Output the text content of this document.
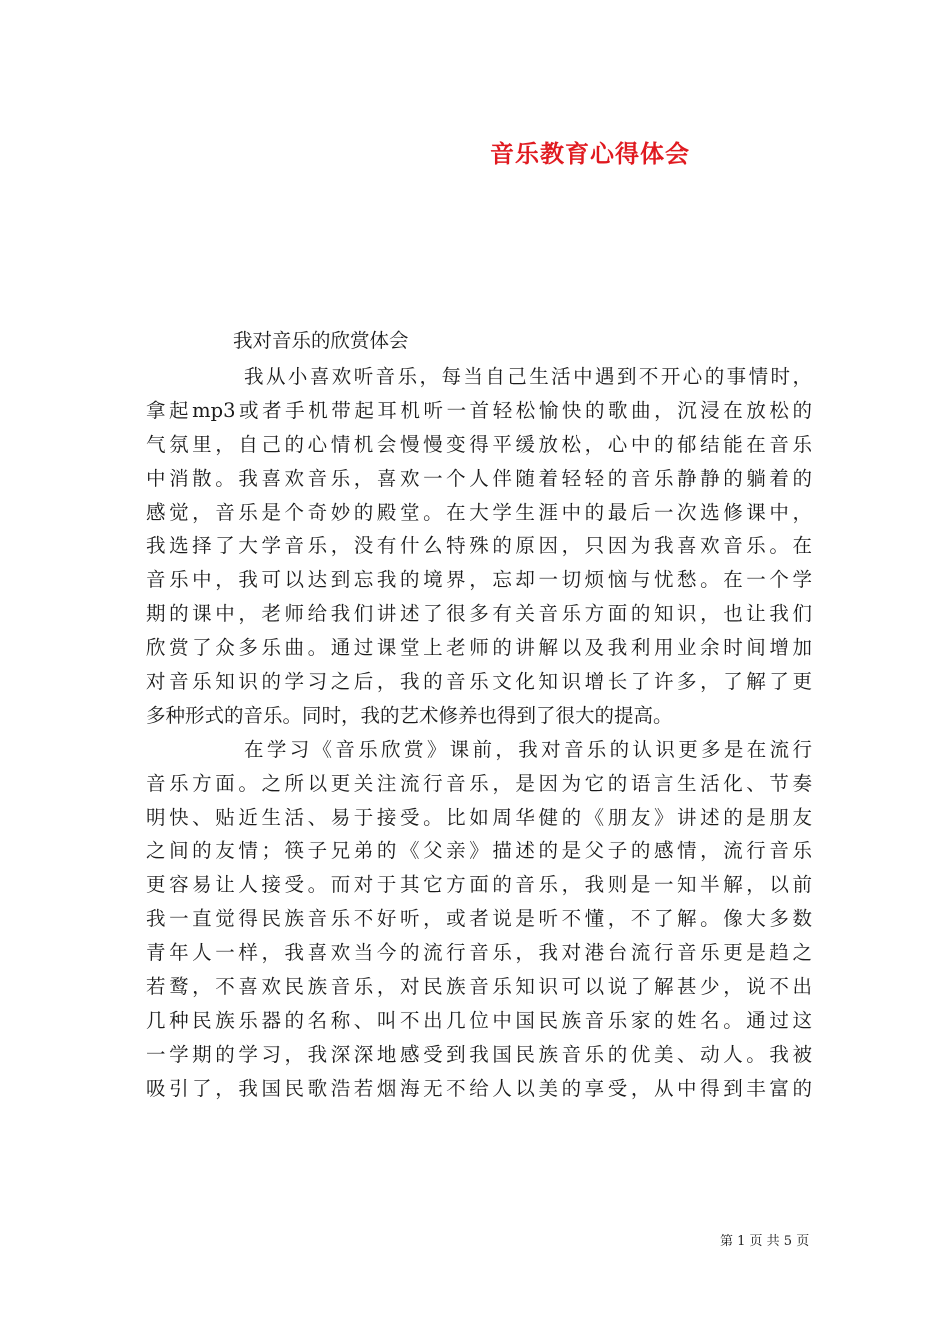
音乐教育心得体会
我对音乐的欣赏体会
我从小喜欢听音乐，每当自己生活中遇到不开心的事情时，
拿起mp3或者手机带起耳机听一首轻松愉快的歌曲，沉浸在放松的
气氛里，自己的心情机会慢慢变得平缓放松，心中的郁结能在音乐
中消散。我喜欢音乐，喜欢一个人伴随着轻轻的音乐静静的躺着的
感觉，音乐是个奇妙的殿堂。在大学生涯中的最后一次选修课中，
我选择了大学音乐，没有什么特殊的原因，只因为我喜欢音乐。在
音乐中，我可以达到忘我的境界，忘却一切烦恼与忧愁。在一个学
期的课中，老师给我们讲述了很多有关音乐方面的知识，也让我们
欣赏了众多乐曲。通过课堂上老师的讲解以及我利用业余时间增加
对音乐知识的学习之后，我的音乐文化知识增长了许多，了解了更
多种形式的音乐。同时，我的艺术修养也得到了很大的提高。
在学习《音乐欣赏》课前，我对音乐的认识更多是在流行
音乐方面。之所以更关注流行音乐，是因为它的语言生活化、节奏
明快、贴近生活、易于接受。比如周华健的《朋友》讲述的是朋友
之间的友情；筷子兄弟的《父亲》描述的是父子的感情，流行音乐
更容易让人接受。而对于其它方面的音乐，我则是一知半解，以前
我一直觉得民族音乐不好听，或者说是听不懂，不了解。像大多数
青年人一样，我喜欢当今的流行音乐，我对港台流行音乐更是趋之
若鹜，不喜欢民族音乐，对民族音乐知识可以说了解甚少，说不出
几种民族乐器的名称、叫不出几位中国民族音乐家的姓名。通过这
一学期的学习，我深深地感受到我国民族音乐的优美、动人。我被
吸引了，我国民歌浩若烟海无不给人以美的享受，从中得到丰富的
第 1 页 共 5 页
